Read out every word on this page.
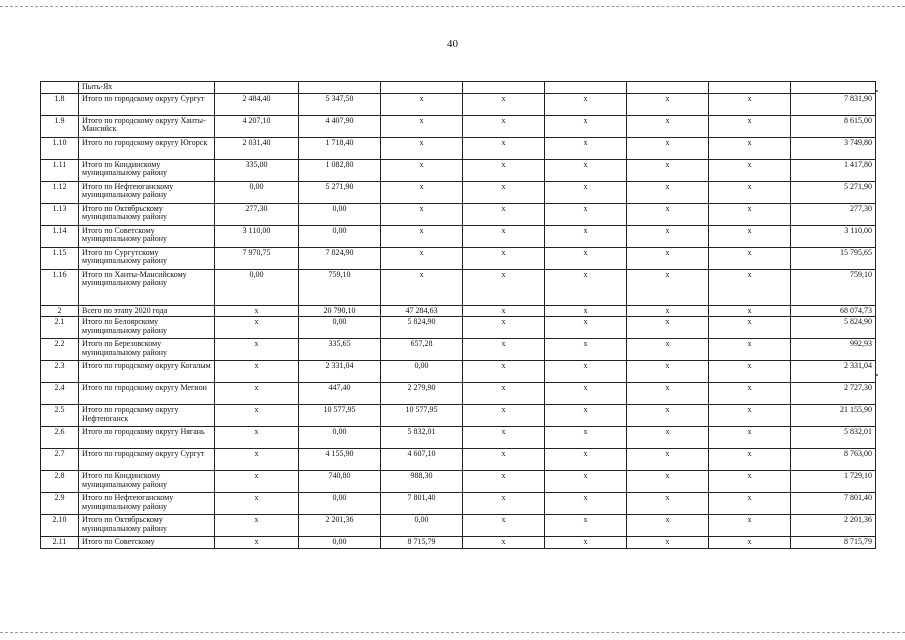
40
	Пыть-Ях								
1.8	Итого по городскому округу Сургут	2 484,40	5 347,50	х	х	х	х	х	7 831,90
1.9	Итого по городскому округу Ханты-Мансийск	4 207,10	4 407,90	х	х	х	х	х	8 615,00
1.10	Итого по городскому округу Югорск	2 031,40	1 718,40	х	х	х	х	х	3 749,80
1.11	Итого по Кондинскому муниципальному району	335,00	1 082,80	х	х	х	х	х	1 417,80
1.12	Итого по Нефтеюганскому муниципальному району	0,00	5 271,90	х	х	х	х	х	5 271,90
1.13	Итого по Октябрьскому муниципальному району	277,30	0,00	х	х	х	х	х	277,30
1.14	Итого по Советскому муниципальному району	3 110,00	0,00	х	х	х	х	х	3 110,00
1.15	Итого по Сургутскому муниципальному району	7 970,75	7 824,90	х	х	х	х	х	15 795,65
1.16	Итого по Ханты-Мансийскому муниципальному району	0,00	759,10	х	х	х	х	х	759,10
2	Всего по этапу 2020 года	х	20 790,10	47 284,63	х	х	х	х	68 074,73
2.1	Итого по Белоярскому муниципальному району	х	0,00	5 824,90	х	х	х	х	5 824,90
2.2	Итого по Березовскому муниципальному району	х	335,65	657,28	х	х	х	х	992,93
2.3	Итого по городскому округу Когалым	х	2 331,04	0,00	х	х	х	х	2 331,04
2.4	Итого по городскому округу Мегион	х	447,40	2 279,90	х	х	х	х	2 727,30
2.5	Итого по городскому округу Нефтеюганск	х	10 577,95	10 577,95	х	х	х	х	21 155,90
2.6	Итого по городскому округу Нягань	х	0,00	5 832,01	х	х	х	х	5 832,01
2.7	Итого по городскому округу Сургут	х	4 155,90	4 607,10	х	х	х	х	8 763,00
2.8	Итого по Кондинскому муниципальному району	х	740,80	988,30	х	х	х	х	1 729,10
2.9	Итого по Нефтеюганскому муниципальному району	х	0,00	7 801,40	х	х	х	х	7 801,40
2.10	Итого по Октябрьскому муниципальному району	х	2 201,36	0,00	х	х	х	х	2 201,36
2.11	Итого по Советскому	х	0,00	8 715,79	х	х	х	х	8 715,79
